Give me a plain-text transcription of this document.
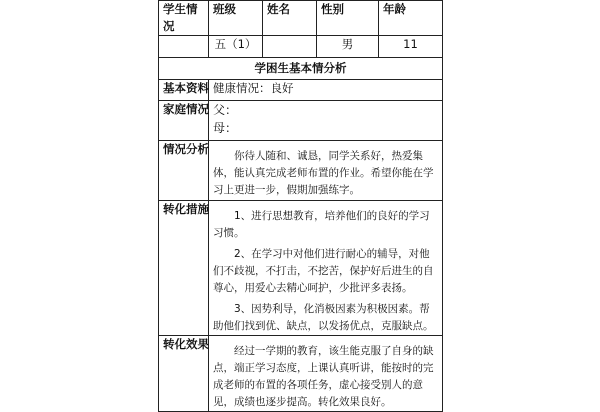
学生情况	班级	姓名	性别	年龄
	五（1）		男	11
学困生基本情分析				
基本资料	健康情况：良好			
家庭情况	父：
母：			

情况分析	你待人随和、诚恳，同学关系好，热爱集体，能认真完成老师布置的作业。希望你能在学习上更进一步，假期加强练字。			

转化措施	1、进行思想教育，培养他们的良好的学习习惯。

2、在学习中对他们进行耐心的辅导，对他们不歧视，不打击，不挖苦，保护好后进生的自尊心，用爱心去精心呵护，少批评多表扬。

3、因势利导，化消极因素为积极因素。帮助他们找到优、缺点，以发扬优点，克服缺点。			

转化效果	经过一学期的教育，该生能克服了自身的缺点，端正学习态度，上课认真听讲，能按时的完成老师的布置的各项任务，虚心接受别人的意见，成绩也逐步提高。转化效果良好。			
